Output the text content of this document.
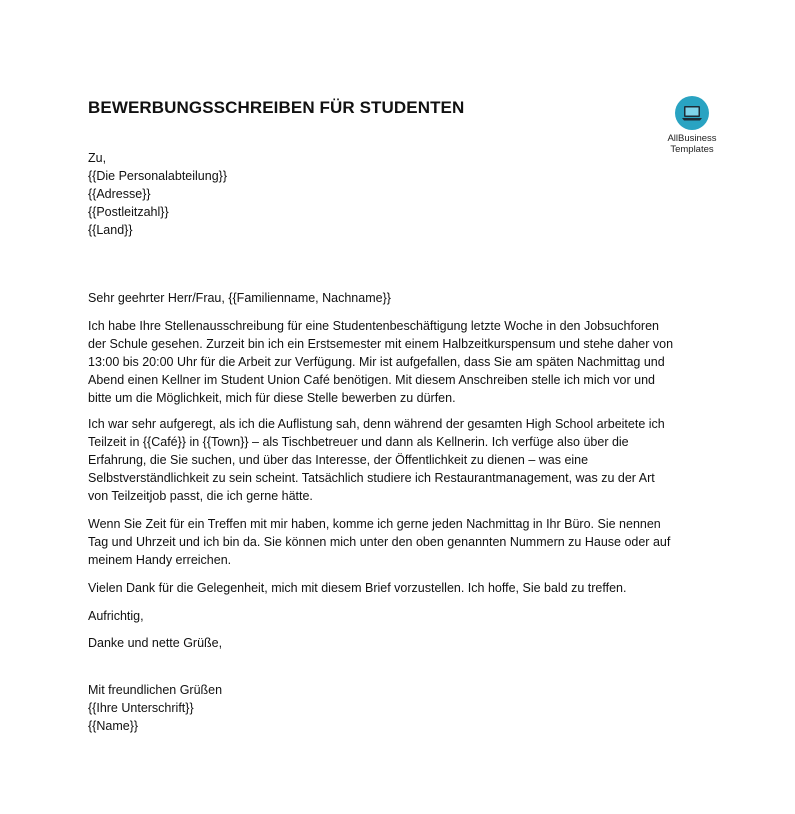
BEWERBUNGSSCHREIBEN FÜR STUDENTEN
AllBusiness
Templates
Zu,
{{Die Personalabteilung}}
{{Adresse}}
{{Postleitzahl}}
{{Land}}
Sehr geehrter Herr/Frau, {{Familienname, Nachname}}
Ich habe Ihre Stellenausschreibung für eine Studentenbeschäftigung letzte Woche in den Jobsuchforen
der Schule gesehen. Zurzeit bin ich ein Erstsemester mit einem Halbzeitkurspensum und stehe daher von
13:00 bis 20:00 Uhr für die Arbeit zur Verfügung. Mir ist aufgefallen, dass Sie am späten Nachmittag und
Abend einen Kellner im Student Union Café benötigen. Mit diesem Anschreiben stelle ich mich vor und
bitte um die Möglichkeit, mich für diese Stelle bewerben zu dürfen.
Ich war sehr aufgeregt, als ich die Auflistung sah, denn während der gesamten High School arbeitete ich
Teilzeit in {{Café}} in {{Town}} – als Tischbetreuer und dann als Kellnerin. Ich verfüge also über die
Erfahrung, die Sie suchen, und über das Interesse, der Öffentlichkeit zu dienen – was eine
Selbstverständlichkeit zu sein scheint. Tatsächlich studiere ich Restaurantmanagement, was zu der Art
von Teilzeitjob passt, die ich gerne hätte.
Wenn Sie Zeit für ein Treffen mit mir haben, komme ich gerne jeden Nachmittag in Ihr Büro. Sie nennen
Tag und Uhrzeit und ich bin da. Sie können mich unter den oben genannten Nummern zu Hause oder auf
meinem Handy erreichen.
Vielen Dank für die Gelegenheit, mich mit diesem Brief vorzustellen. Ich hoffe, Sie bald zu treffen.
Aufrichtig,
Danke und nette Grüße,
Mit freundlichen Grüßen
{{Ihre Unterschrift}}
{{Name}}
